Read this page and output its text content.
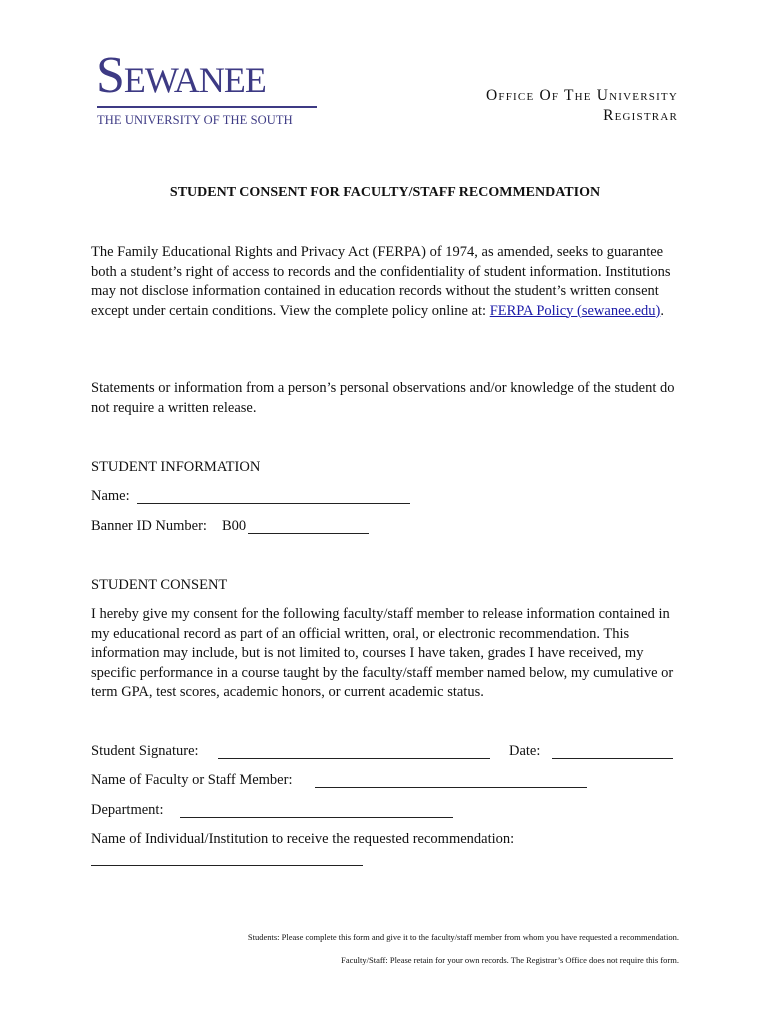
Sewanee
THE UNIVERSITY OF THE SOUTH
Office Of The University
Registrar
STUDENT CONSENT FOR FACULTY/STAFF RECOMMENDATION
The Family Educational Rights and Privacy Act (FERPA) of 1974, as amended, seeks to guarantee both a student’s right of access to records and the confidentiality of student information. Institutions may not disclose information contained in education records without the student’s written consent except under certain conditions. View the complete policy online at: FERPA Policy (sewanee.edu).
Statements or information from a person’s personal observations and/or knowledge of the student do not require a written release.
STUDENT INFORMATION
Name:
Banner ID Number: B00
STUDENT CONSENT
I hereby give my consent for the following faculty/staff member to release information contained in my educational record as part of an official written, oral, or electronic recommendation. This information may include, but is not limited to, courses I have taken, grades I have received, my specific performance in a course taught by the faculty/staff member named below, my cumulative or term GPA, test scores, academic honors, or current academic status.
Student Signature:	Date:
Name of Faculty or Staff Member:
Department:
Name of Individual/Institution to receive the requested recommendation:
Students: Please complete this form and give it to the faculty/staff member from whom you have requested a recommendation.
Faculty/Staff: Please retain for your own records. The Registrar’s Office does not require this form.
